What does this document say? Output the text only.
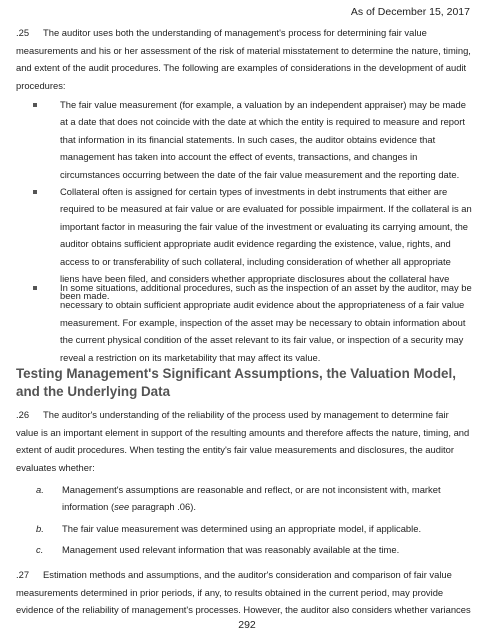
As of December 15, 2017

.25 The auditor uses both the understanding of management's process for determining fair value measurements and his or her assessment of the risk of material misstatement to determine the nature, timing, and extent of the audit procedures. The following are examples of considerations in the development of audit procedures:

The fair value measurement (for example, a valuation by an independent appraiser) may be made at a date that does not coincide with the date at which the entity is required to measure and report that information in its financial statements. In such cases, the auditor obtains evidence that management has taken into account the effect of events, transactions, and changes in circumstances occurring between the date of the fair value measurement and the reporting date.

Collateral often is assigned for certain types of investments in debt instruments that either are required to be measured at fair value or are evaluated for possible impairment. If the collateral is an important factor in measuring the fair value of the investment or evaluating its carrying amount, the auditor obtains sufficient appropriate audit evidence regarding the existence, value, rights, and access to or transferability of such collateral, including consideration of whether all appropriate liens have been filed, and considers whether appropriate disclosures about the collateral have been made.

In some situations, additional procedures, such as the inspection of an asset by the auditor, may be necessary to obtain sufficient appropriate audit evidence about the appropriateness of a fair value measurement. For example, inspection of the asset may be necessary to obtain information about the current physical condition of the asset relevant to its fair value, or inspection of a security may reveal a restriction on its marketability that may affect its value.

Testing Management's Significant Assumptions, the Valuation Model, and the Underlying Data

.26 The auditor's understanding of the reliability of the process used by management to determine fair value is an important element in support of the resulting amounts and therefore affects the nature, timing, and extent of audit procedures. When testing the entity's fair value measurements and disclosures, the auditor evaluates whether:

a. Management's assumptions are reasonable and reflect, or are not inconsistent with, market information (see paragraph .06).

b. The fair value measurement was determined using an appropriate model, if applicable.

c. Management used relevant information that was reasonably available at the time.

.27 Estimation methods and assumptions, and the auditor's consideration and comparison of fair value measurements determined in prior periods, if any, to results obtained in the current period, may provide evidence of the reliability of management's processes. However, the auditor also considers whether variances

292
